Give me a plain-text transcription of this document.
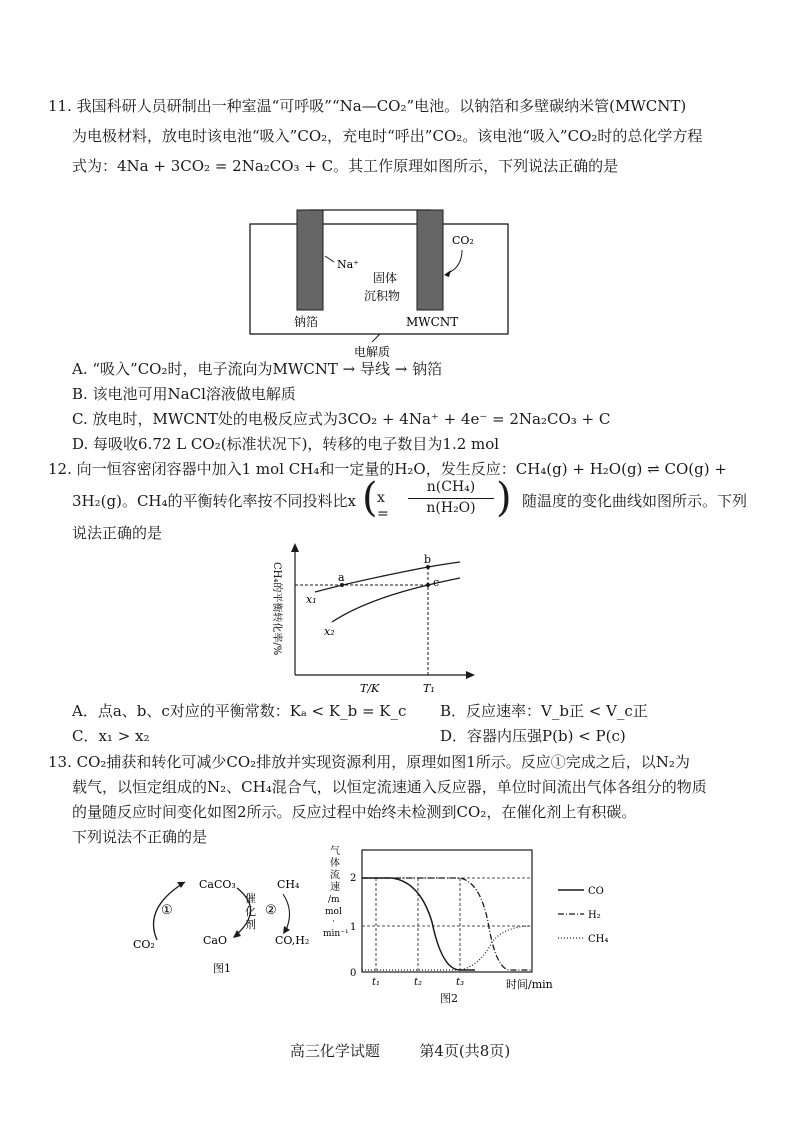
11. 我国科研人员研制出一种室温“可呼吸”“Na—CO₂”电池。以钠箔和多壁碳纳米管(MWCNT)
为电极材料，放电时该电池“吸入”CO₂，充电时“呼出”CO₂。该电池“吸入”CO₂时的总化学方程
式为：4Na + 3CO₂ = 2Na₂CO₃ + C。其工作原理如图所示，下列说法正确的是
Na⁺
CO₂
固体
沉积物
钠箔	MWCNT
电解质
A. “吸入”CO₂时，电子流向为MWCNT → 导线 → 钠箔
B. 该电池可用NaCl溶液做电解质
C. 放电时，MWCNT处的电极反应式为3CO₂ + 4Na⁺ + 4e⁻ = 2Na₂CO₃ + C
D. 每吸收6.72 L CO₂(标准状况下)，转移的电子数目为1.2 mol
12. 向一恒容密闭容器中加入1 mol CH₄和一定量的H₂O，发生反应：CH₄(g) + H₂O(g) ⇌ CO(g) +
3H₂(g)。CH₄的平衡转化率按不同投料比x ( x =
n(CH₄)
n(H₂O) ) 随温度的变化曲线如图所示。下列
说法正确的是
CH₄的平衡转化率/%	a
b
c
x₁
x₂
T/K	T₁
A．点a、b、c对应的平衡常数：Kₐ < K_b = K_c B．反应速率：V_b正 < V_c正
C．x₁ > x₂	D．容器内压强P(b) < P(c)
13. CO₂捕获和转化可减少CO₂排放并实现资源利用，原理如图1所示。反应①完成之后，以N₂为
载气，以恒定组成的N₂、CH₄混合气，以恒定流速通入反应器，单位时间流出气体各组分的物质
的量随反应时间变化如图2所示。反应过程中始终未检测到CO₂，在催化剂上有积碳。
下列说法不正确的是
CaCO₃	CH₄
CaO
CO₂	CO,H₂
①	②
催
化
剂
图1
气
体
流
速
/m
mol
·
min⁻¹
2
1
0
t₁	t₂	t₃	时间/min
图2
CO
H₂
CH₄
高三化学试题	第4页(共8页)
